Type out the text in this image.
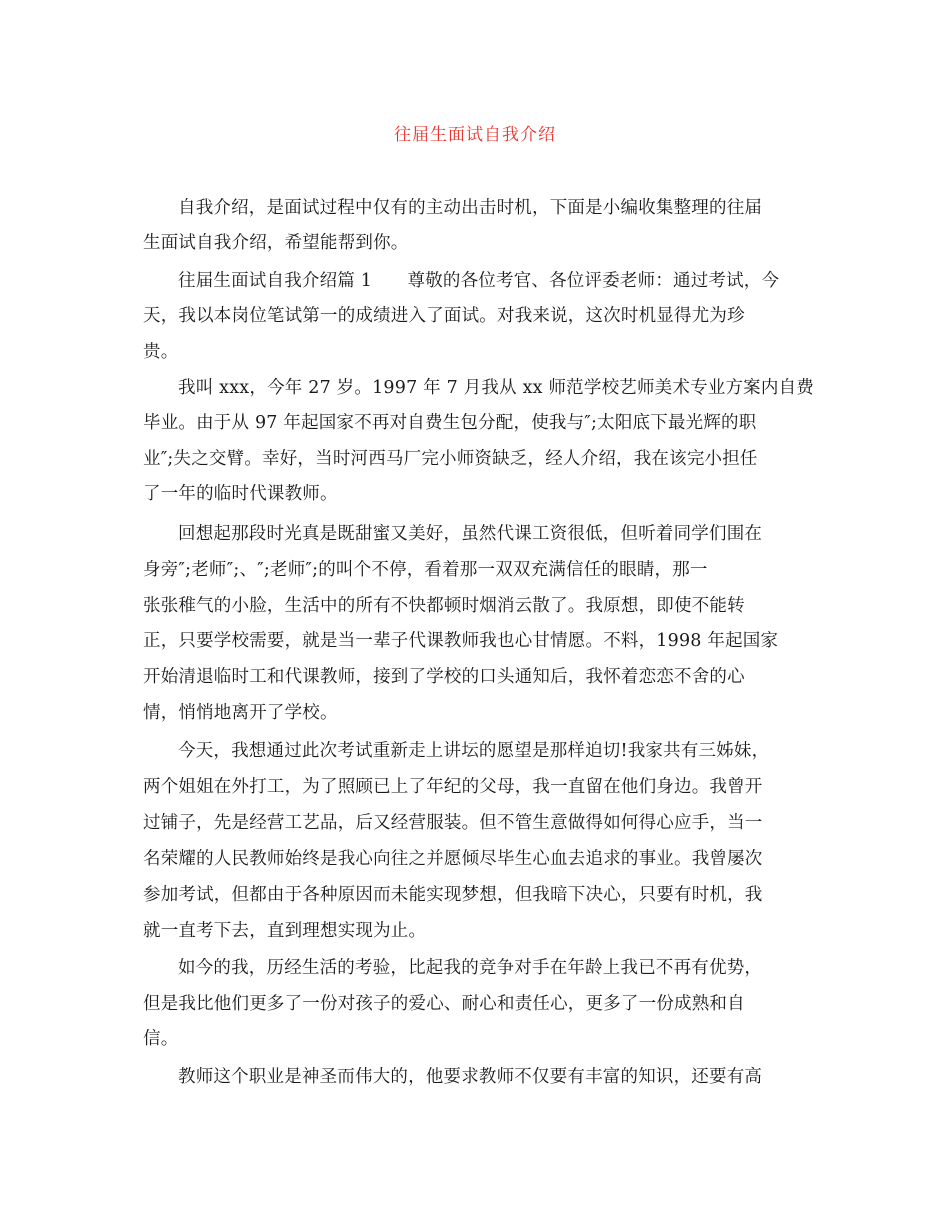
往届生面试自我介绍
自我介绍，是面试过程中仅有的主动出击时机，下面是小编收集整理的往届
生面试自我介绍，希望能帮到你。
往届生面试自我介绍篇 1　　尊敬的各位考官、各位评委老师：通过考试，今
天，我以本岗位笔试第一的成绩进入了面试。对我来说，这次时机显得尤为珍
贵。
我叫 xxx，今年 27 岁。1997 年 7 月我从 xx 师范学校艺师美术专业方案内自费
毕业。由于从 97 年起国家不再对自费生包分配，使我与″;太阳底下最光辉的职
业″;失之交臂。幸好，当时河西马厂完小师资缺乏，经人介绍，我在该完小担任
了一年的临时代课教师。
回想起那段时光真是既甜蜜又美好，虽然代课工资很低，但听着同学们围在
身旁″;老师″;、″;老师″;的叫个不停，看着那一双双充满信任的眼睛，那一
张张稚气的小脸，生活中的所有不快都顿时烟消云散了。我原想，即使不能转
正，只要学校需要，就是当一辈子代课教师我也心甘情愿。不料，1998 年起国家
开始清退临时工和代课教师，接到了学校的口头通知后，我怀着恋恋不舍的心
情，悄悄地离开了学校。
今天，我想通过此次考试重新走上讲坛的愿望是那样迫切!我家共有三姊妹，
两个姐姐在外打工，为了照顾已上了年纪的父母，我一直留在他们身边。我曾开
过铺子，先是经营工艺品，后又经营服装。但不管生意做得如何得心应手，当一
名荣耀的人民教师始终是我心向往之并愿倾尽毕生心血去追求的事业。我曾屡次
参加考试，但都由于各种原因而未能实现梦想，但我暗下决心，只要有时机，我
就一直考下去，直到理想实现为止。
如今的我，历经生活的考验，比起我的竞争对手在年龄上我已不再有优势，
但是我比他们更多了一份对孩子的爱心、耐心和责任心，更多了一份成熟和自
信。
教师这个职业是神圣而伟大的，他要求教师不仅要有丰富的知识，还要有高
